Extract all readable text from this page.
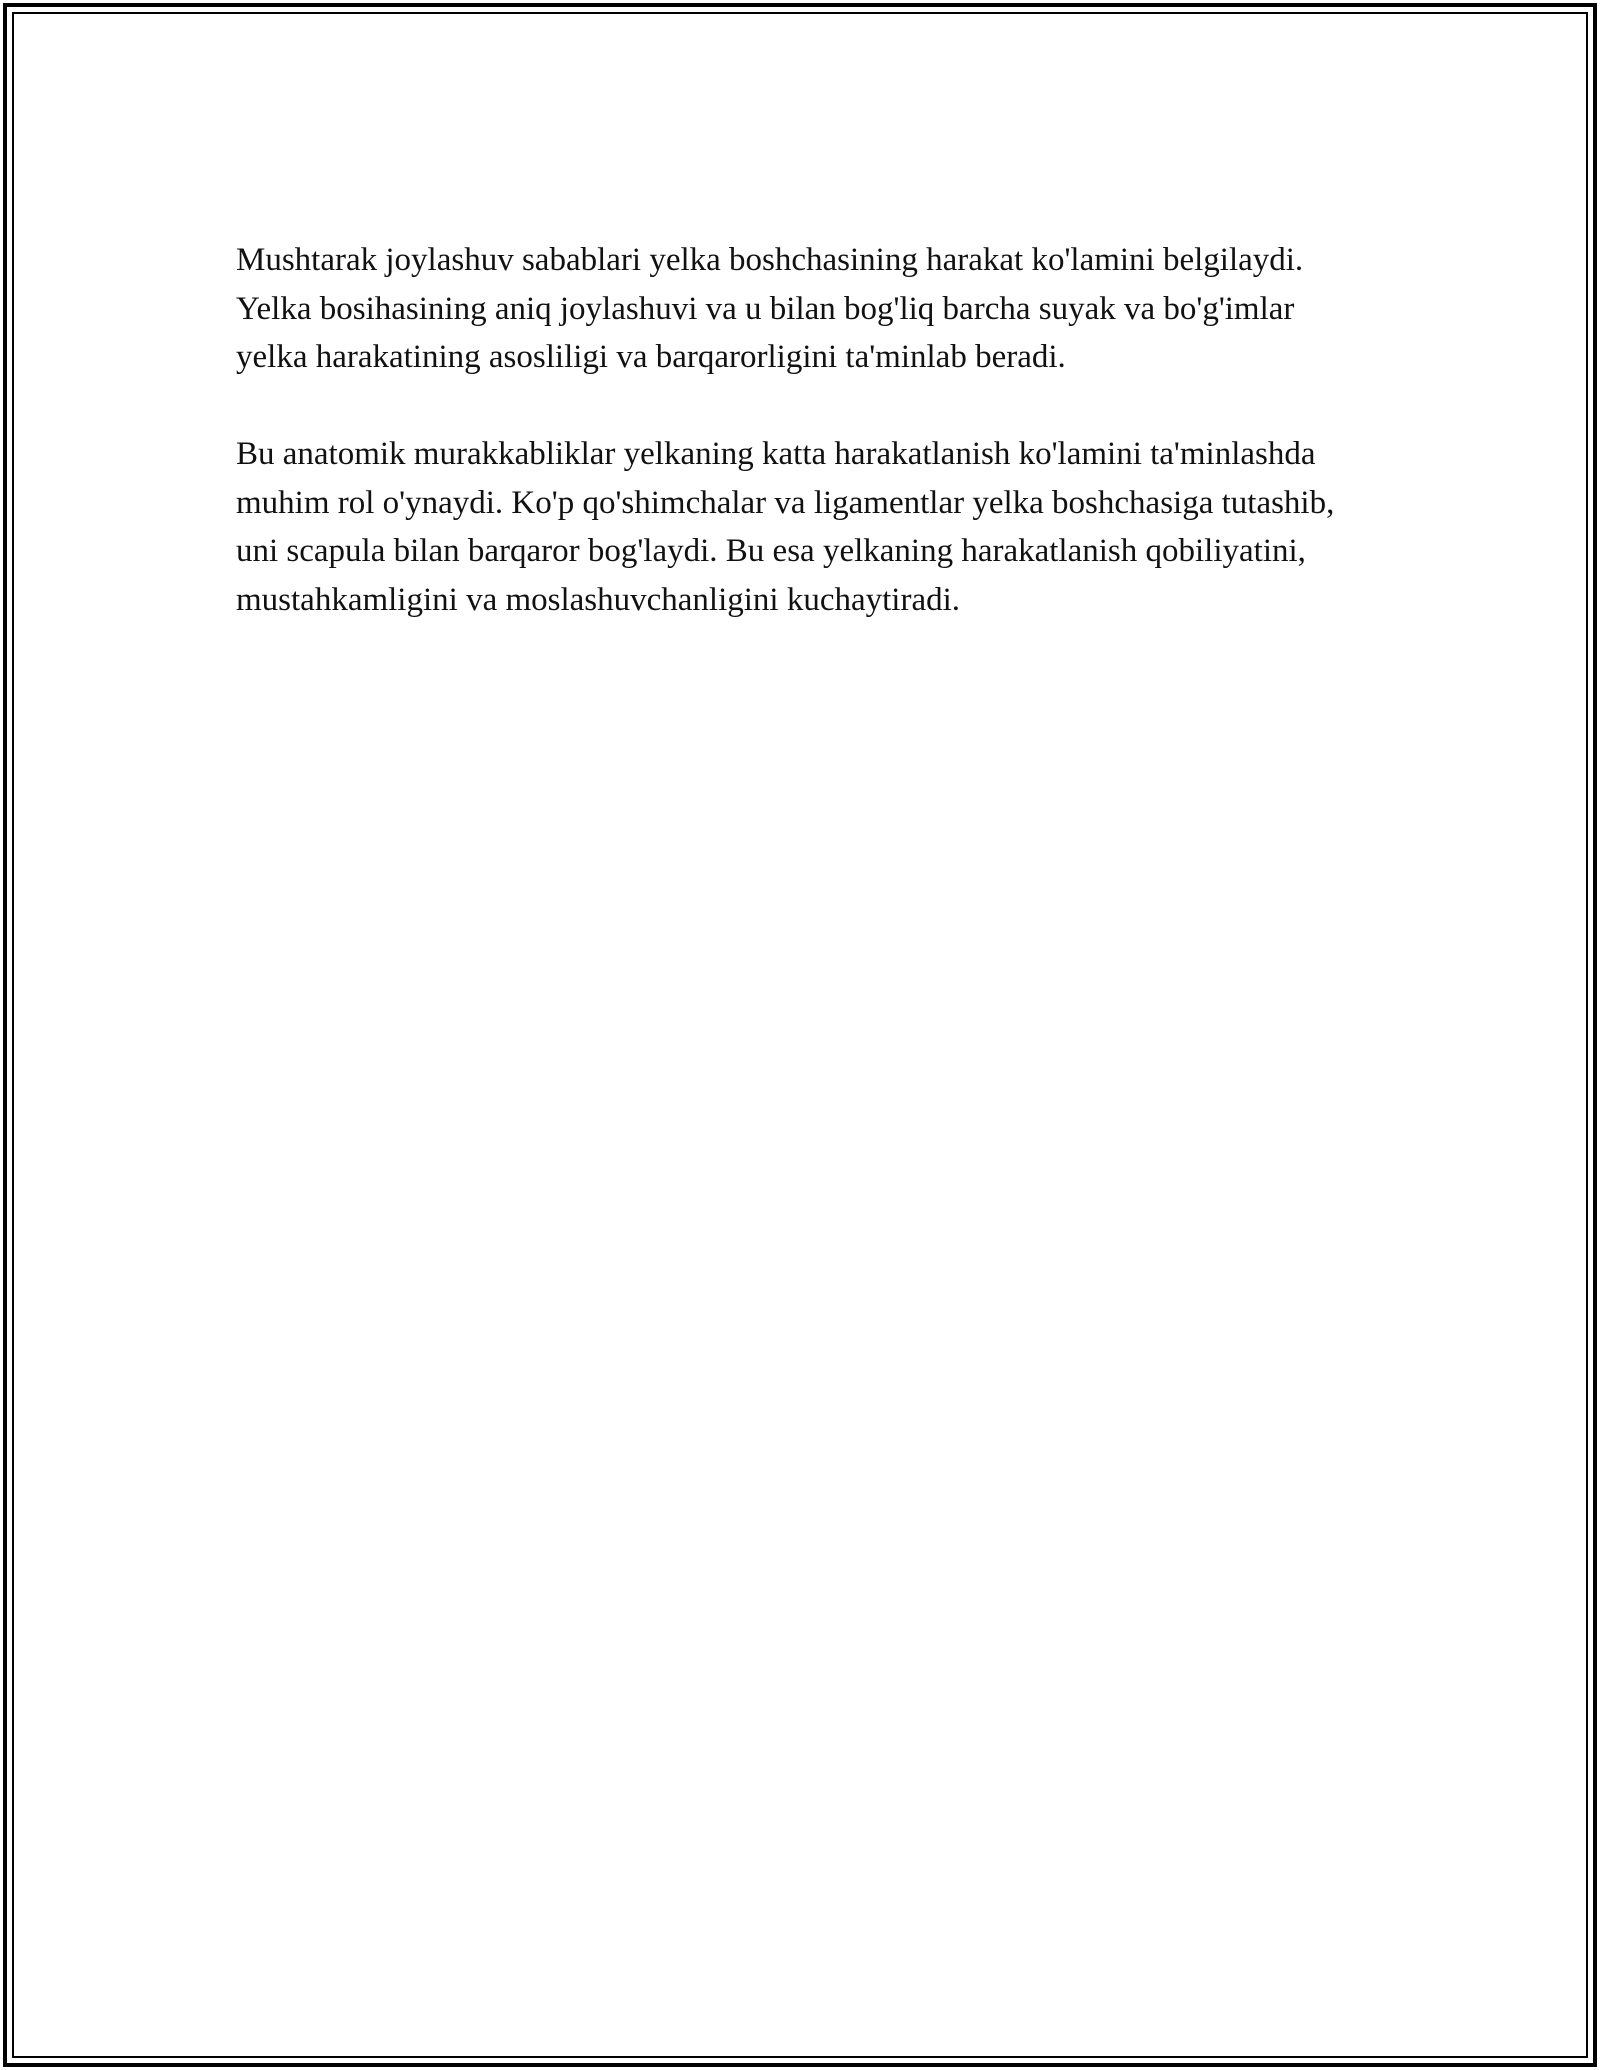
Mushtarak joylashuv sabablari yelka boshchasining harakat ko'lamini belgilaydi. Yelka bosihasining aniq joylashuvi va u bilan bog'liq barcha suyak va bo'g'imlar yelka harakatining asosliligi va barqarorligini ta'minlab beradi.

Bu anatomik murakkabliklar yelkaning katta harakatlanish ko'lamini ta'minlashda muhim rol o'ynaydi. Ko'p qo'shimchalar va ligamentlar yelka boshchasiga tutashib, uni scapula bilan barqaror bog'laydi. Bu esa yelkaning harakatlanish qobiliyatini, mustahkamligini va moslashuvchanligini kuchaytiradi.
